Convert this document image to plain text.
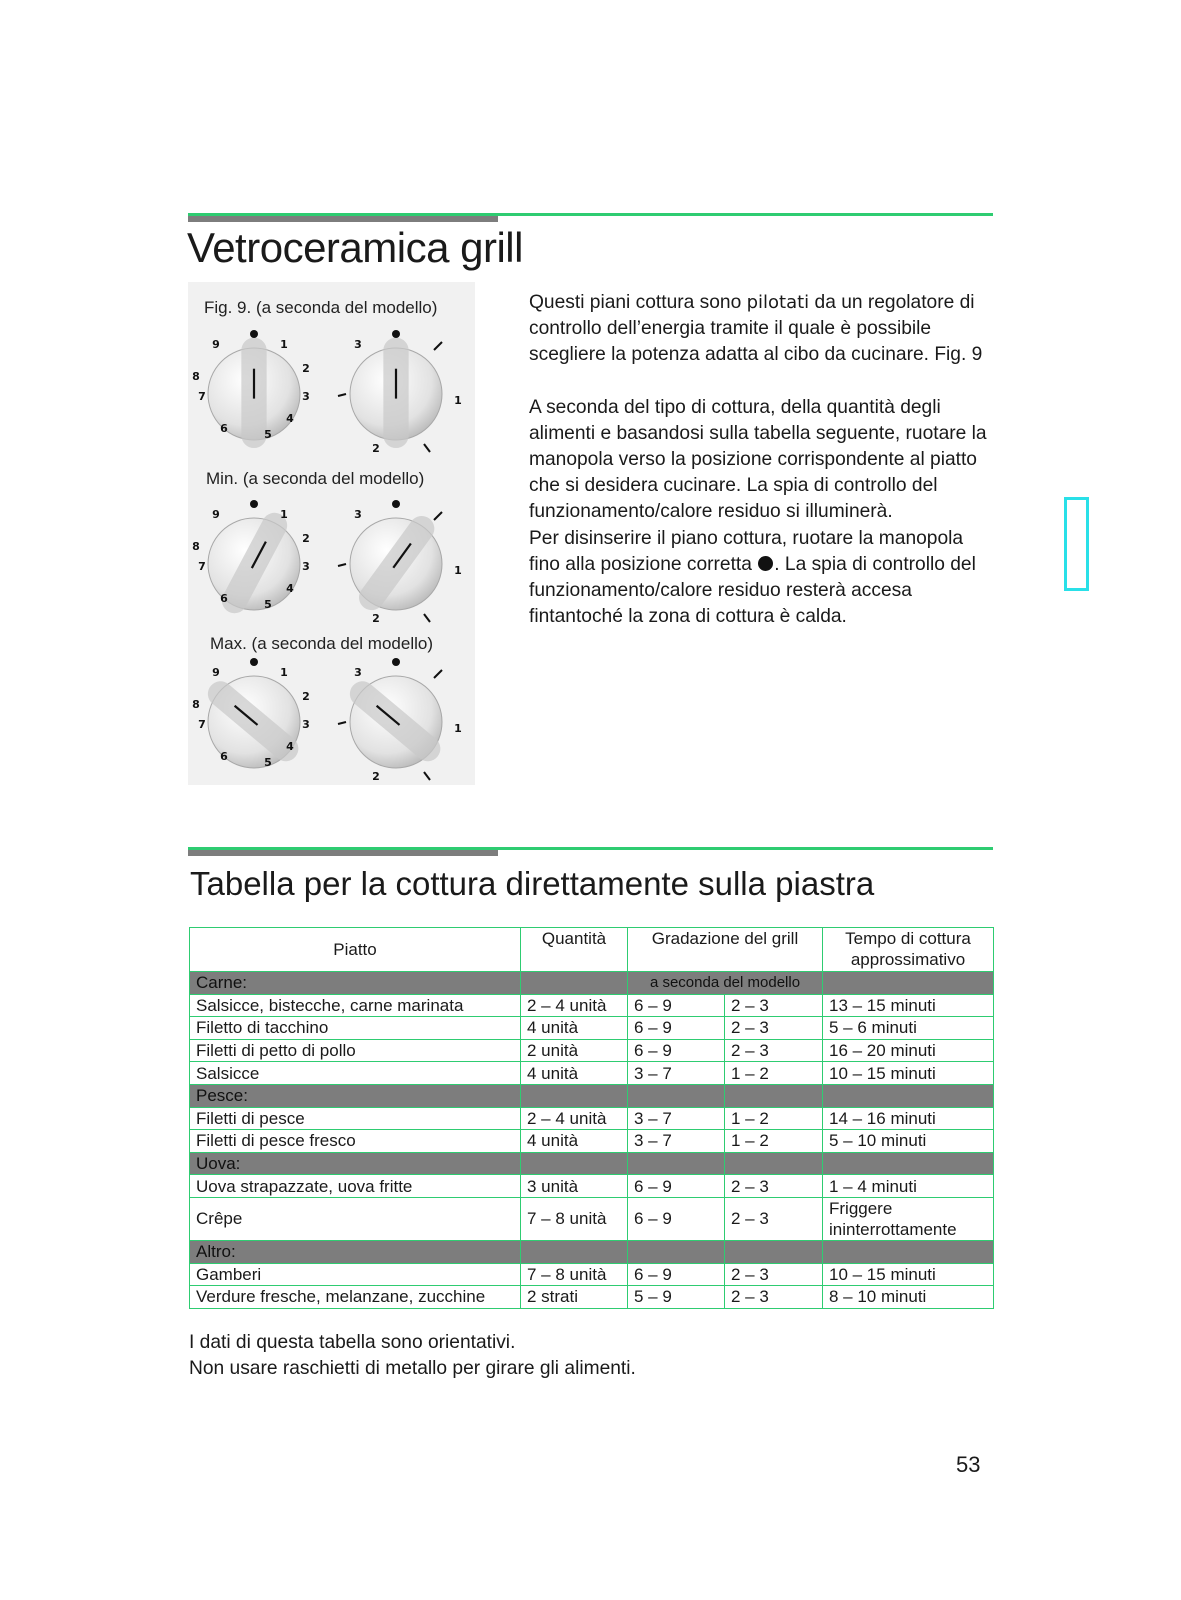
Vetroceramica grill
Fig. 9. (a seconda del modello)
Min. (a seconda del modello)
Max. (a seconda del modello)
1
2
3
4
5
6
7
8
9	3
1
2
1
2
3
4
5
6
7
8
9	3
1
2
1
2
3
4
5
6
7
8
9	3
1
2

Questi piani cottura sono pilotati da un regolatore di controllo dell’energia tramite il quale è possibile scegliere la potenza adatta al cibo da cucinare. Fig. 9

A seconda del tipo di cottura, della quantità degli alimenti e basandosi sulla tabella seguente, ruotare la manopola verso la posizione corrispondente al piatto che si desidera cucinare. La spia di controllo del funzionamento/calore residuo si illuminerà.

Per disinserire il piano cottura, ruotare la manopola fino alla posizione corretta . La spia di controllo del funzionamento/calore residuo resterà accesa fintantoché la zona di cottura è calda.

Tabella per la cottura direttamente sulla piastra
Piatto	Quantità	Gradazione del grill		Tempo di cottura approssimativo
Carne:		a seconda del modello		
Salsicce, bistecche, carne marinata	2 – 4 unità	6 – 9	2 – 3	13 – 15 minuti
Filetto di tacchino	4 unità	6 – 9	2 – 3	5 – 6 minuti
Filetti di petto di pollo	2 unità	6 – 9	2 – 3	16 – 20 minuti
Salsicce	4 unità	3 – 7	1 – 2	10 – 15 minuti
Pesce:				
Filetti di pesce	2 – 4 unità	3 – 7	1 – 2	14 – 16 minuti
Filetti di pesce fresco	4 unità	3 – 7	1 – 2	5 – 10 minuti
Uova:				
Uova strapazzate, uova fritte	3 unità	6 – 9	2 – 3	1 – 4 minuti
Crêpe	7 – 8 unità	6 – 9	2 – 3	Friggere ininterrottamente
Altro:				
Gamberi	7 – 8 unità	6 – 9	2 – 3	10 – 15 minuti
Verdure fresche, melanzane, zucchine	2 strati	5 – 9	2 – 3	8 – 10 minuti

I dati di questa tabella sono orientativi.

Non usare raschietti di metallo per girare gli alimenti.

53
